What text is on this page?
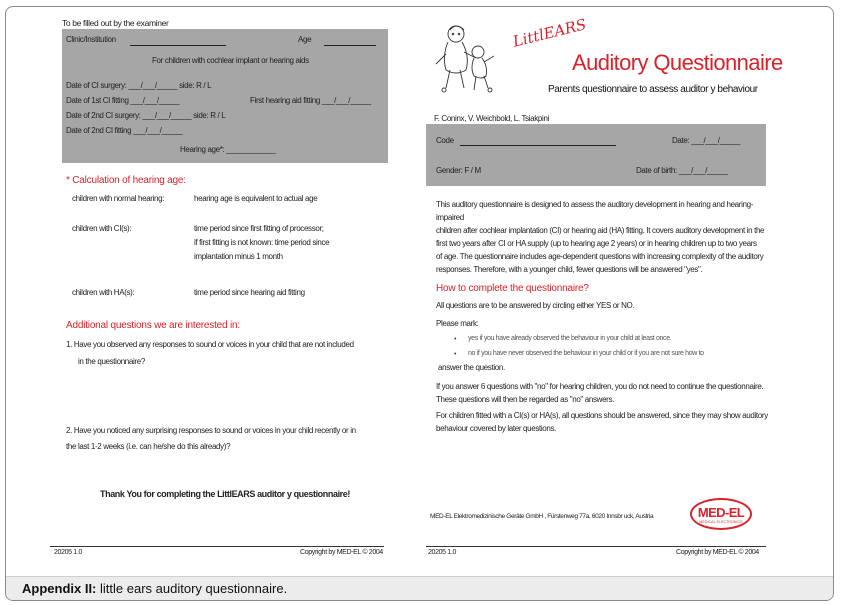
To be filled out by the examiner
Clinic/Institution	Age
For children with cochlear implant or hearing aids
Date of CI surgery: ___/___/_____ side: R / L
Date of 1st CI fitting ___/___/_____	First hearing aid fitting ___/___/_____
Date of 2nd CI surgery: ___/___/_____ side: R / L
Date of 2nd CI fitting ___/___/_____
Hearing age*: ____________
* Calculation of hearing age:
children with normal hearing:	hearing age is equivalent to actual age
children with CI(s):	time period since first fitting of processor;
if first fitting is not known: time period since
implantation minus 1 month
children with HA(s):	time period since hearing aid fitting
Additional questions we are interested in:
1. Have you observed any responses to sound or voices in your child that are not included
in the questionnaire?
2. Have you noticed any surprising responses to sound or voices in your child recently or in
the last 1-2 weeks (i.e. can he/she do this already)?
Thank You for completing the LittlEARS auditor y questionnaire!
20205 1.0	Copyright by MED-EL © 2004
LittlEARS
Auditory Questionnaire
Parents questionnaire to assess auditor y behaviour
F. Coninx, V. Weichbold, L. Tsiakpini
Code	Date: ___/___/_____
Gender: F / M	Date of birth: ___/___/_____
This auditory questionnaire is designed to assess the auditory development in hearing and hearing-impaired
children after cochlear implantation (CI) or hearing aid (HA) fitting. It covers auditory development in the
first two years after CI or HA supply (up to hearing age 2 years) or in hearing children up to two years
of age. The questionnaire includes age-dependent questions with increasing complexity of the auditory
responses. Therefore, with a younger child, fewer questions will be answered "yes".
How to complete the questionnaire?
All questions are to be answered by circling either YES or NO.
Please mark:
• yes if you have already observed the behaviour in your child at least once.
• no if you have never observed the behaviour in your child or if you are not sure how to
answer the question.
If you answer 6 questions with "no" for hearing children, you do not need to continue the questionnaire.
These questions will then be regarded as "no" answers.
For children fitted with a CI(s) or HA(s), all questions should be answered, since they may show auditory
behaviour covered by later questions.
MED-EL Elektromedizinische Geräte GmbH , Fürstenweg 77a, 6020 Innsbr uck, Austria	MED-EL
MEDICAL ELECTRONICS
20205 1.0	Copyright by MED-EL © 2004
Appendix II: little ears auditory questionnaire.
